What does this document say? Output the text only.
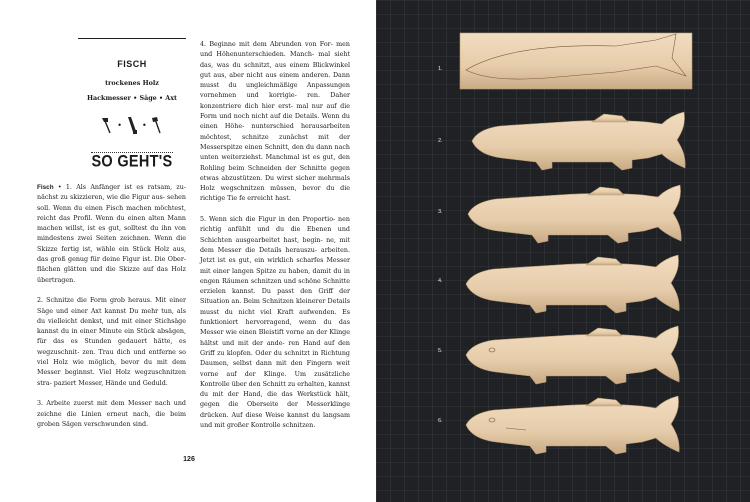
FISCH
trockenes Holz
Hackmesser • Säge • Axt
•	•
SO GEHT'S

Fisch • 1. Als Anfänger ist es ratsam, zu- nächst zu skizzieren, wie die Figur aus- sehen soll. Wenn du einen Fisch machen möchtest, reicht das Profil. Wenn du einen alten Mann machen willst, ist es gut, solltest du ihn von mindestens zwei Seiten zeichnen. Wenn die Skizze fertig ist, wähle ein Stück Holz aus, das groß genug für deine Figur ist. Die Ober- flächen glätten und die Skizze auf das Holz übertragen.

2. Schnitze die Form grob heraus. Mit einer Säge und einer Axt kannst Du mehr tun, als du vielleicht denkst, und mit einer Stichsäge kannst du in einer Minute ein Stück absägen, für das es Stunden gedauert hätte, es wegzuschnit- zen. Trau dich und entferne so viel Holz wie möglich, bevor du mit dem Messer beginnst. Viel Holz wegzuschnitzen stra- paziert Messer, Hände und Geduld.

3. Arbeite zuerst mit dem Messer nach und zeichne die Linien erneut nach, die beim groben Sägen verschwunden sind.

4. Beginne mit dem Abrunden von For- men und Höhenunterschieden. Manch- mal sieht das, was du schnitzt, aus einem Blickwinkel gut aus, aber nicht aus einem anderen. Dann musst du ungleichmäßige Anpassungen vornehmen und korrigie- ren. Daher konzentriere dich hier erst- mal nur auf die Form und noch nicht auf die Details. Wenn du einen Höhe- nunterschied herausarbeiten möchtest, schnitze zunächst mit der Messerspitze einen Schnitt, den du dann nach unten weiterziehst. Manchmal ist es gut, den Rohling beim Schneiden der Schnitte gegen etwas abzustützen. Du wirst sicher mehrmals Holz wegschnitzen müssen, bevor du die richtige Tie fe erreicht hast.

5. Wenn sich die Figur in den Proportio- nen richtig anfühlt und du die Ebenen und Schichten ausgearbeitet hast, begin- ne, mit dem Messer die Details herauszu- arbeiten. Jetzt ist es gut, ein wirklich scharfes Messer mit einer langen Spitze zu haben, damit du in engen Räumen schnitzen und schöne Schnitte erzielen kannst. Du passt den Griff der Situation an. Beim Schnitzen kleinerer Details musst du nicht viel Kraft aufwenden. Es funktioniert hervorragend, wenn du das Messer wie einen Bleistift vorne an der Klinge hältst und mit der ande- ren Hand auf den Griff zu klopfen. Oder du schnitzt in Richtung Daumen, selbst dann mit den Fingern weit vorne auf der Klinge. Um zusätzliche Kontrolle über den Schnitt zu erhalten, kannst du mit der Hand, die das Werkstück hält, gegen die Oberseite der Messerklinge drücken. Auf diese Weise kannst du langsam und mit großer Kontrolle schnitzen.

126
1.
2.
3.
4.
5.
6.
